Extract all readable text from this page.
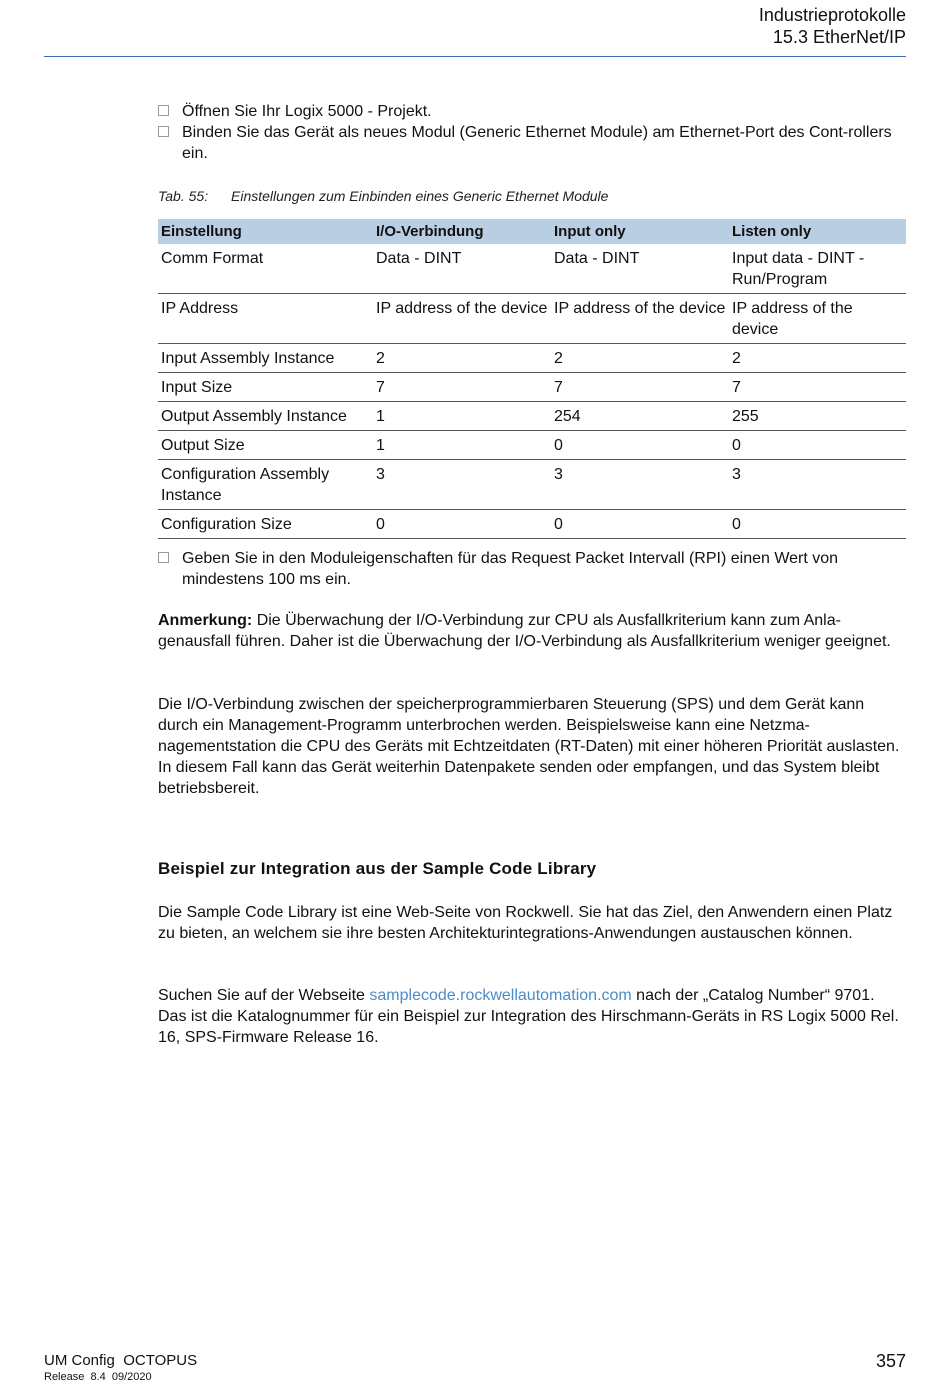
Industrieprotokolle
15.3 EtherNet/IP
Öffnen Sie Ihr Logix 5000 - Projekt.
Binden Sie das Gerät als neues Modul (Generic Ethernet Module) am Ethernet-Port des Cont-rollers ein.
Tab. 55: Einstellungen zum Einbinden eines Generic Ethernet Module
Einstellung	I/O-Verbindung	Input only	Listen only
Comm Format	Data - DINT	Data - DINT	Input data - DINT - Run/Program
IP Address	IP address of the device	IP address of the device	IP address of the device
Input Assembly Instance	2	2	2
Input Size	7	7	7
Output Assembly Instance	1	254	255
Output Size	1	0	0
Configuration Assembly Instance	3	3	3
Configuration Size	0	0	0
Geben Sie in den Moduleigenschaften für das Request Packet Intervall (RPI) einen Wert von mindestens 100 ms ein.
Anmerkung: Die Überwachung der I/O-Verbindung zur CPU als Ausfallkriterium kann zum Anla-genausfall führen. Daher ist die Überwachung der I/O-Verbindung als Ausfallkriterium weniger geeignet.
Die I/O-Verbindung zwischen der speicherprogrammierbaren Steuerung (SPS) und dem Gerät kann durch ein Management-Programm unterbrochen werden. Beispielsweise kann eine Netzma-nagementstation die CPU des Geräts mit Echtzeitdaten (RT-Daten) mit einer höheren Priorität auslasten. In diesem Fall kann das Gerät weiterhin Datenpakete senden oder empfangen, und das System bleibt betriebsbereit.
Beispiel zur Integration aus der Sample Code Library
Die Sample Code Library ist eine Web-Seite von Rockwell. Sie hat das Ziel, den Anwendern einen Platz zu bieten, an welchem sie ihre besten Architekturintegrations-Anwendungen austauschen können.
Suchen Sie auf der Webseite samplecode.rockwellautomation.com nach der „Catalog Number“ 9701. Das ist die Katalognummer für ein Beispiel zur Integration des Hirschmann-Geräts in RS Logix 5000 Rel. 16, SPS-Firmware Release 16.
UM Config  OCTOPUS
Release  8.4  09/2020
357
